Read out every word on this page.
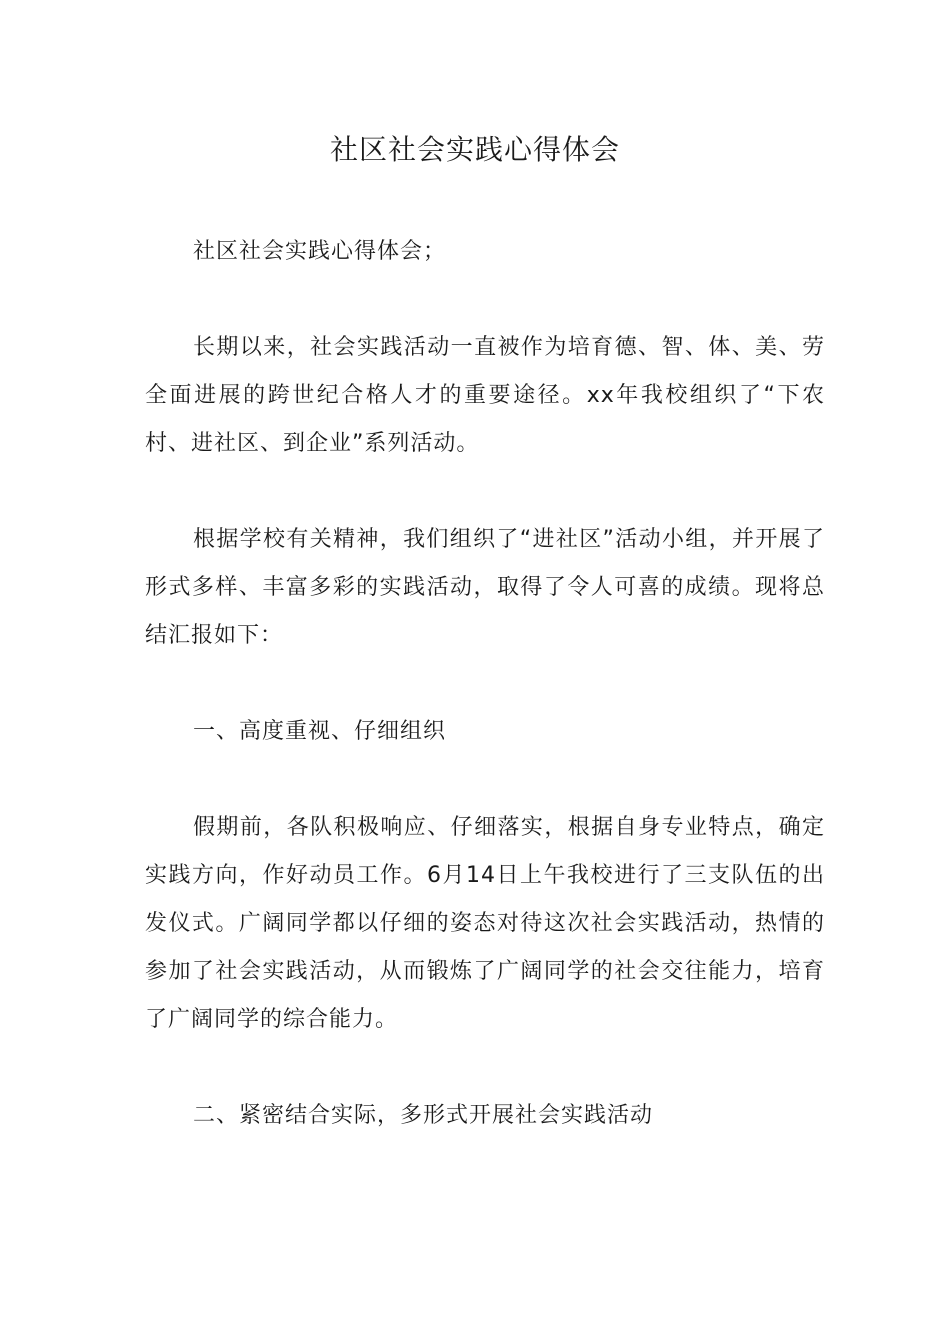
社区社会实践心得体会

社区社会实践心得体会；

长期以来，社会实践活动一直被作为培育德、智、体、美、劳全面进展的跨世纪合格人才的重要途径。xx年我校组织了“下农村、进社区、到企业”系列活动。

根据学校有关精神，我们组织了“进社区”活动小组，并开展了形式多样、丰富多彩的实践活动，取得了令人可喜的成绩。现将总结汇报如下：

一、高度重视、仔细组织

假期前，各队积极响应、仔细落实，根据自身专业特点，确定实践方向，作好动员工作。6月14日上午我校进行了三支队伍的出发仪式。广阔同学都以仔细的姿态对待这次社会实践活动，热情的参加了社会实践活动，从而锻炼了广阔同学的社会交往能力，培育了广阔同学的综合能力。

二、紧密结合实际，多形式开展社会实践活动
